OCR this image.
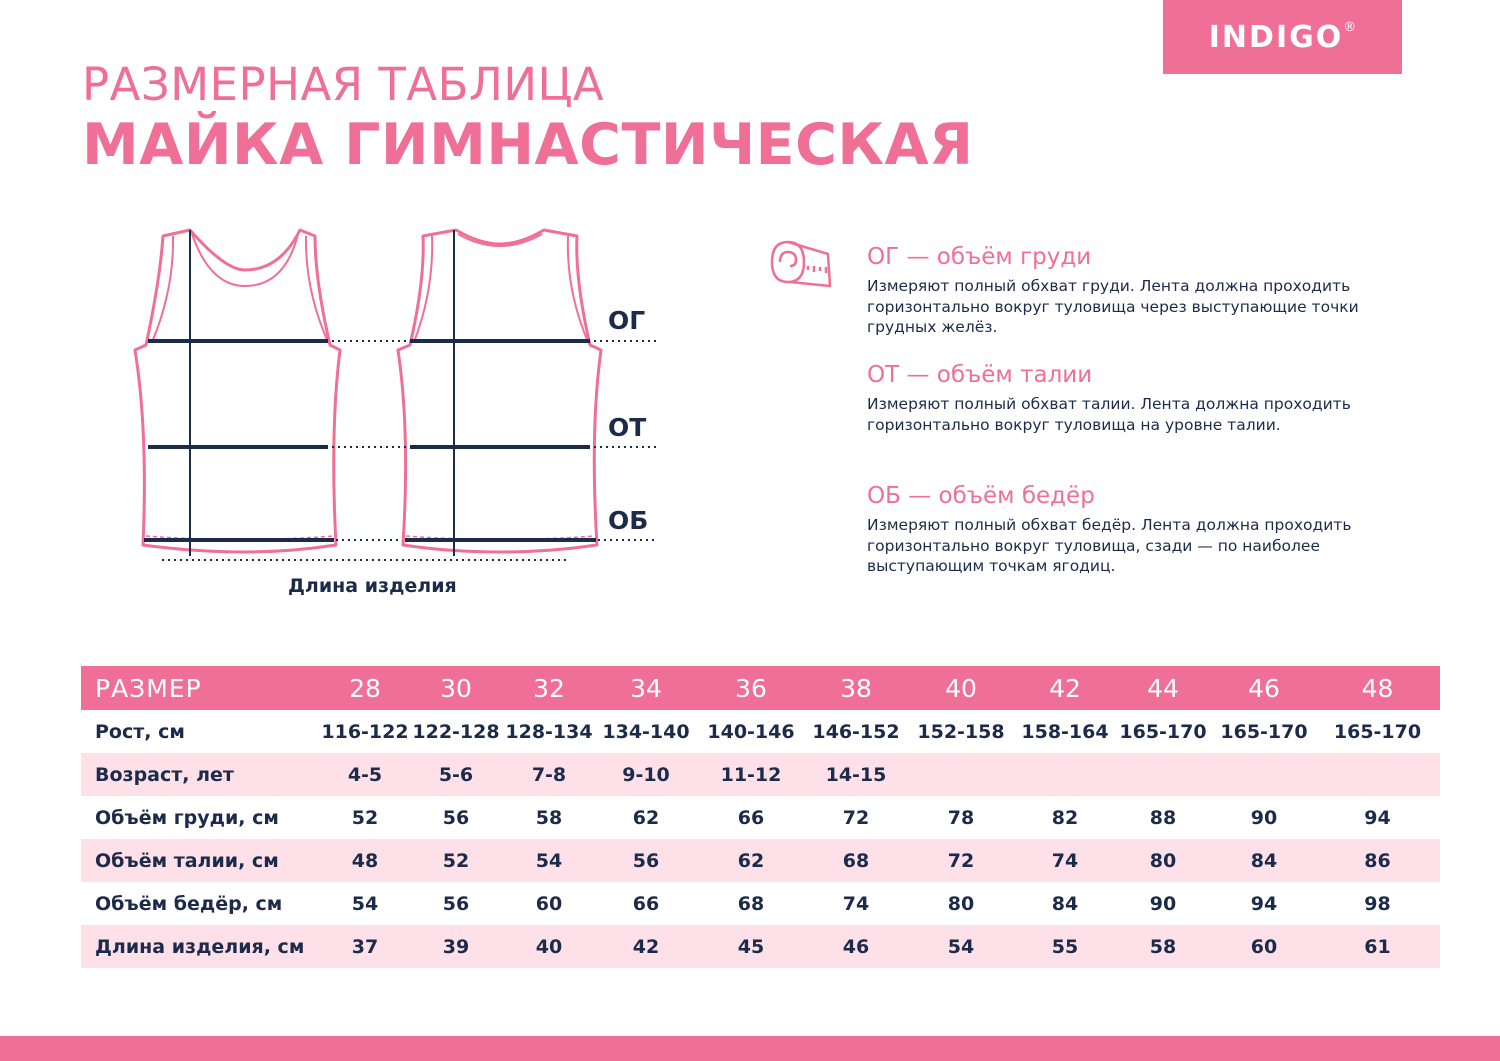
INDIGO®
РАЗМЕРНАЯ ТАБЛИЦА
МАЙКА ГИМНАСТИЧЕСКАЯ
ОГ
ОТ
ОБ
Длина изделия
ОГ — объём груди
Измеряют полный обхват груди. Лента должна проходить горизонтально вокруг туловища через выступающие точки грудных желёз.
ОТ — объём талии
Измеряют полный обхват талии. Лента должна проходить горизонтально вокруг туловища на уровне талии.
ОБ — объём бедёр
Измеряют полный обхват бедёр. Лента должна проходить горизонтально вокруг туловища, сзади — по наиболее выступающим точкам ягодиц.
РАЗМЕР	28	30	32	34	36	38	40	42	44	46	48
Рост, см	116-122	122-128	128-134	134-140	140-146	146-152	152-158	158-164	165-170	165-170	165-170
Возраст, лет	4-5	5-6	7-8	9-10	11-12	14-15					
Объём груди, см	52	56	58	62	66	72	78	82	88	90	94
Объём талии, см	48	52	54	56	62	68	72	74	80	84	86
Объём бедёр, см	54	56	60	66	68	74	80	84	90	94	98
Длина изделия, см	37	39	40	42	45	46	54	55	58	60	61
